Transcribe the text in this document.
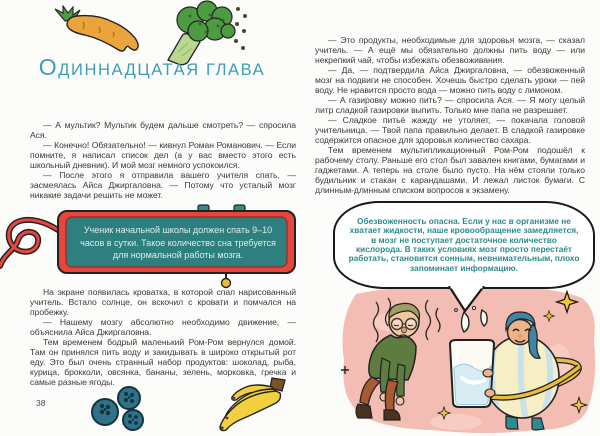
ОДИННАДЦАТАЯ ГЛАВА

— А мультик? Мультик будем дальше смотреть? — спросила Ася.

— Конечно! Обязательно! — кивнул Роман Романович. — Если помните, я написал список дел (а у вас вместо этого есть школьный дневник). И мой мозг немного успокоился.

— После этого я отправила вашего учителя спать, — засмеялась Айса Джиргаловна. — Потому что усталый мозг никакие задачи решить не может.

Ученик начальной школы должен спать 9–10 часов в сутки. Такое количество сна требуется для нормальной работы мозга.

На экране появилась кроватка, в которой спал нарисованный учитель. Встало солнце, он вскочил с кровати и помчался на пробежку.

— Нашему мозгу абсолютно необходимо движение, — объяснила Айса Джиргаловна.

Тем временем бодрый маленький Ром-Ром вернулся домой. Там он принялся пить воду и закидывать в широко открытый рот еду. Это был очень странный набор продуктов: шоколад, рыба, курица, брокколи, овсянка, бананы, зелень, морковка, гречка и самые разные ягоды.

38

— Это продукты, необходимые для здоровья мозга, — сказал учитель. — А ещё мы обязательно должны пить воду — или некрепкий чай, чтобы избежать обезвоживания.

— Да, — подтвердила Айса Джиргаловна, — обезвоженный мозг на подвиги не способен. Хочешь быстро сделать уроки — пей воду. Не нравится просто вода — можно пить воду с лимоном.

— А газировку можно пить? — спросила Ася. — Я могу целый литр сладкой газировки выпить. Только мне папа не разрешает.

— Сладкое питьё жажду не утоляет, — покачала головой учительница. — Твой папа правильно делает. В сладкой газировке содержится опасное для здоровья количество сахара.

Тем временем мультипликационный Ром-Ром подошёл к рабочему столу. Раньше его стол был завален книгами, бумагами и гаджетами. А теперь на столе было пусто. На нём стояли только будильник и стакан с карандашами. И лежал листок бумаги. С длинным-длинным списком вопросов к экзамену.

Обезвоженность опасна. Если у нас в организме не хватает жидкости, наше кровообращение замедляется, в мозг не поступает достаточное количество кислорода. В таких условиях мозг просто перестаёт работать, становится сонным, невнимательным, плохо запоминает информацию.
